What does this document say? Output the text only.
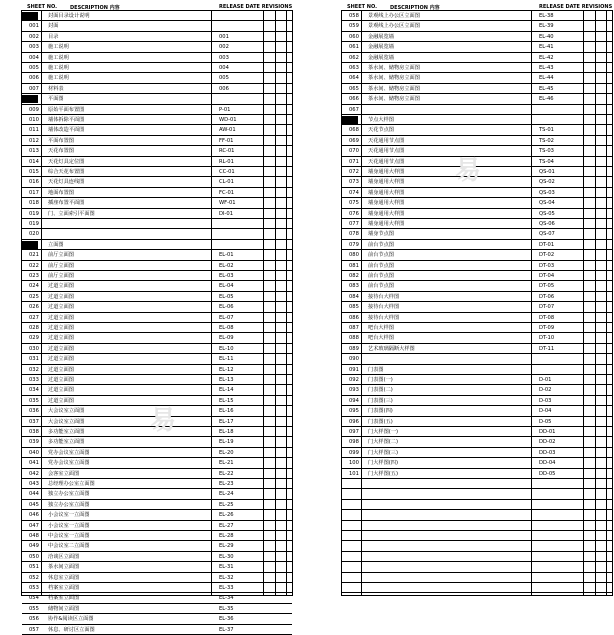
SHEET NO.	DESCRIPTION 内容	RELEASE DATE REVISIONS
封面目录设计说明
001 封面
002 目录	001
003 施工说明	002
004 施工说明	003
005 施工说明	004
006 施工说明	005
007 材料表	006
平面图
009 原始平面布置图	P-01
010 墙体拆除平面图	WD-01
011 墙体改造平面图	AW-01
012 平面布置图	FF-01
013 天花布置图	RC-01
014 天花灯具定位图	RL-01
015 综合天花布置图	CC-01
016 天花灯具连线图	CL-01
017 地面布置图	FC-01
018 插座布置平面图	WF-01
019 门、立面索引平面图	DI-01
019
020
立面图
021 前厅立面图	EL-01
022 前厅立面图	EL-02
023 前厅立面图	EL-03
024 过道立面图	EL-04
025 过道立面图	EL-05
026 过道立面图	EL-06
027 过道立面图	EL-07
028 过道立面图	EL-08
029 过道立面图	EL-09
030 过道立面图	EL-10
031 过道立面图	EL-11
032 过道立面图	EL-12
033 过道立面图	EL-13
034 过道立面图	EL-14
035 过道立面图	EL-15
036 大会议室立面图	EL-16
037 大会议室立面图	EL-17
038 多功能室立面图	EL-18
039 多功能室立面图	EL-19
040 党办会议室立面图	EL-20
041 党办会议室立面图	EL-21
042 会客室立面图	EL-22
043 总经理办公室立面图	EL-23
044 独立办公室立面图	EL-24
045 独立办公室立面图	EL-25
046 小会议室一立面图	EL-26
047 小会议室一立面图	EL-27
048 中会议室一立面图	EL-28
049 中会议室二立面图	EL-29
050 洽谈区立面图	EL-30
051 茶水间立面图	EL-31
052 休息室立面图	EL-32
053 档案室立面图	EL-33
054 档案室立面图	EL-34
055 储物间立面图	EL-35
056 协作&阅读区立面图	EL-36
057 休息、研讨区立面图	EL-37
SHEET NO.	DESCRIPTION 内容	RELEASE DATE REVISIONS
058 景观线上办公区立面图	EL-38
059 景观线上办公区立面图	EL-39
060 金融展览墙	EL-40
061 金融展览墙	EL-41
062 金融展览墙	EL-42
063 茶水间、储物房立面图	EL-43
064 茶水间、储物房立面图	EL-44
065 茶水间、储物房立面图	EL-45
066 茶水间、储物房立面图	EL-46
067
节点大样图
068 天花节点图	TS-01
069 天花通用节点图	TS-02
070 天花通用节点图	TS-03
071 天花通用节点图	TS-04
072 墙身通用大样图	QS-01
073 墙身通用大样图	QS-02
074 墙身通用大样图	QS-03
075 墙身通用大样图	QS-04
076 墙身通用大样图	QS-05
077 墙身通用大样图	QS-06
078 墙身节点图	QS-07
079 前台节点图	DT-01
080 前台节点图	DT-02
081 前台节点图	DT-03
082 前台节点图	DT-04
083 前台节点图	DT-05
084 接待台大样图	DT-06
085 接待台大样图	DT-07
086 接待台大样图	DT-08
087 吧台大样图	DT-09
088 吧台大样图	DT-10
089 艺术玻璃隔断大样图	DT-11
090
091 门表图
092 门表图(一)	D-01
093 门表图(二)	D-02
094 门表图(三)	D-03
095 门表图(四)	D-04
096 门表图(五)	D-05
097 门大样图(一)	DD-01
098 门大样图(二)	DD-02
099 门大样图(三)	DD-03
100 门大样图(四)	DD-04
101 门大样图(五)	DD-05
易
易
